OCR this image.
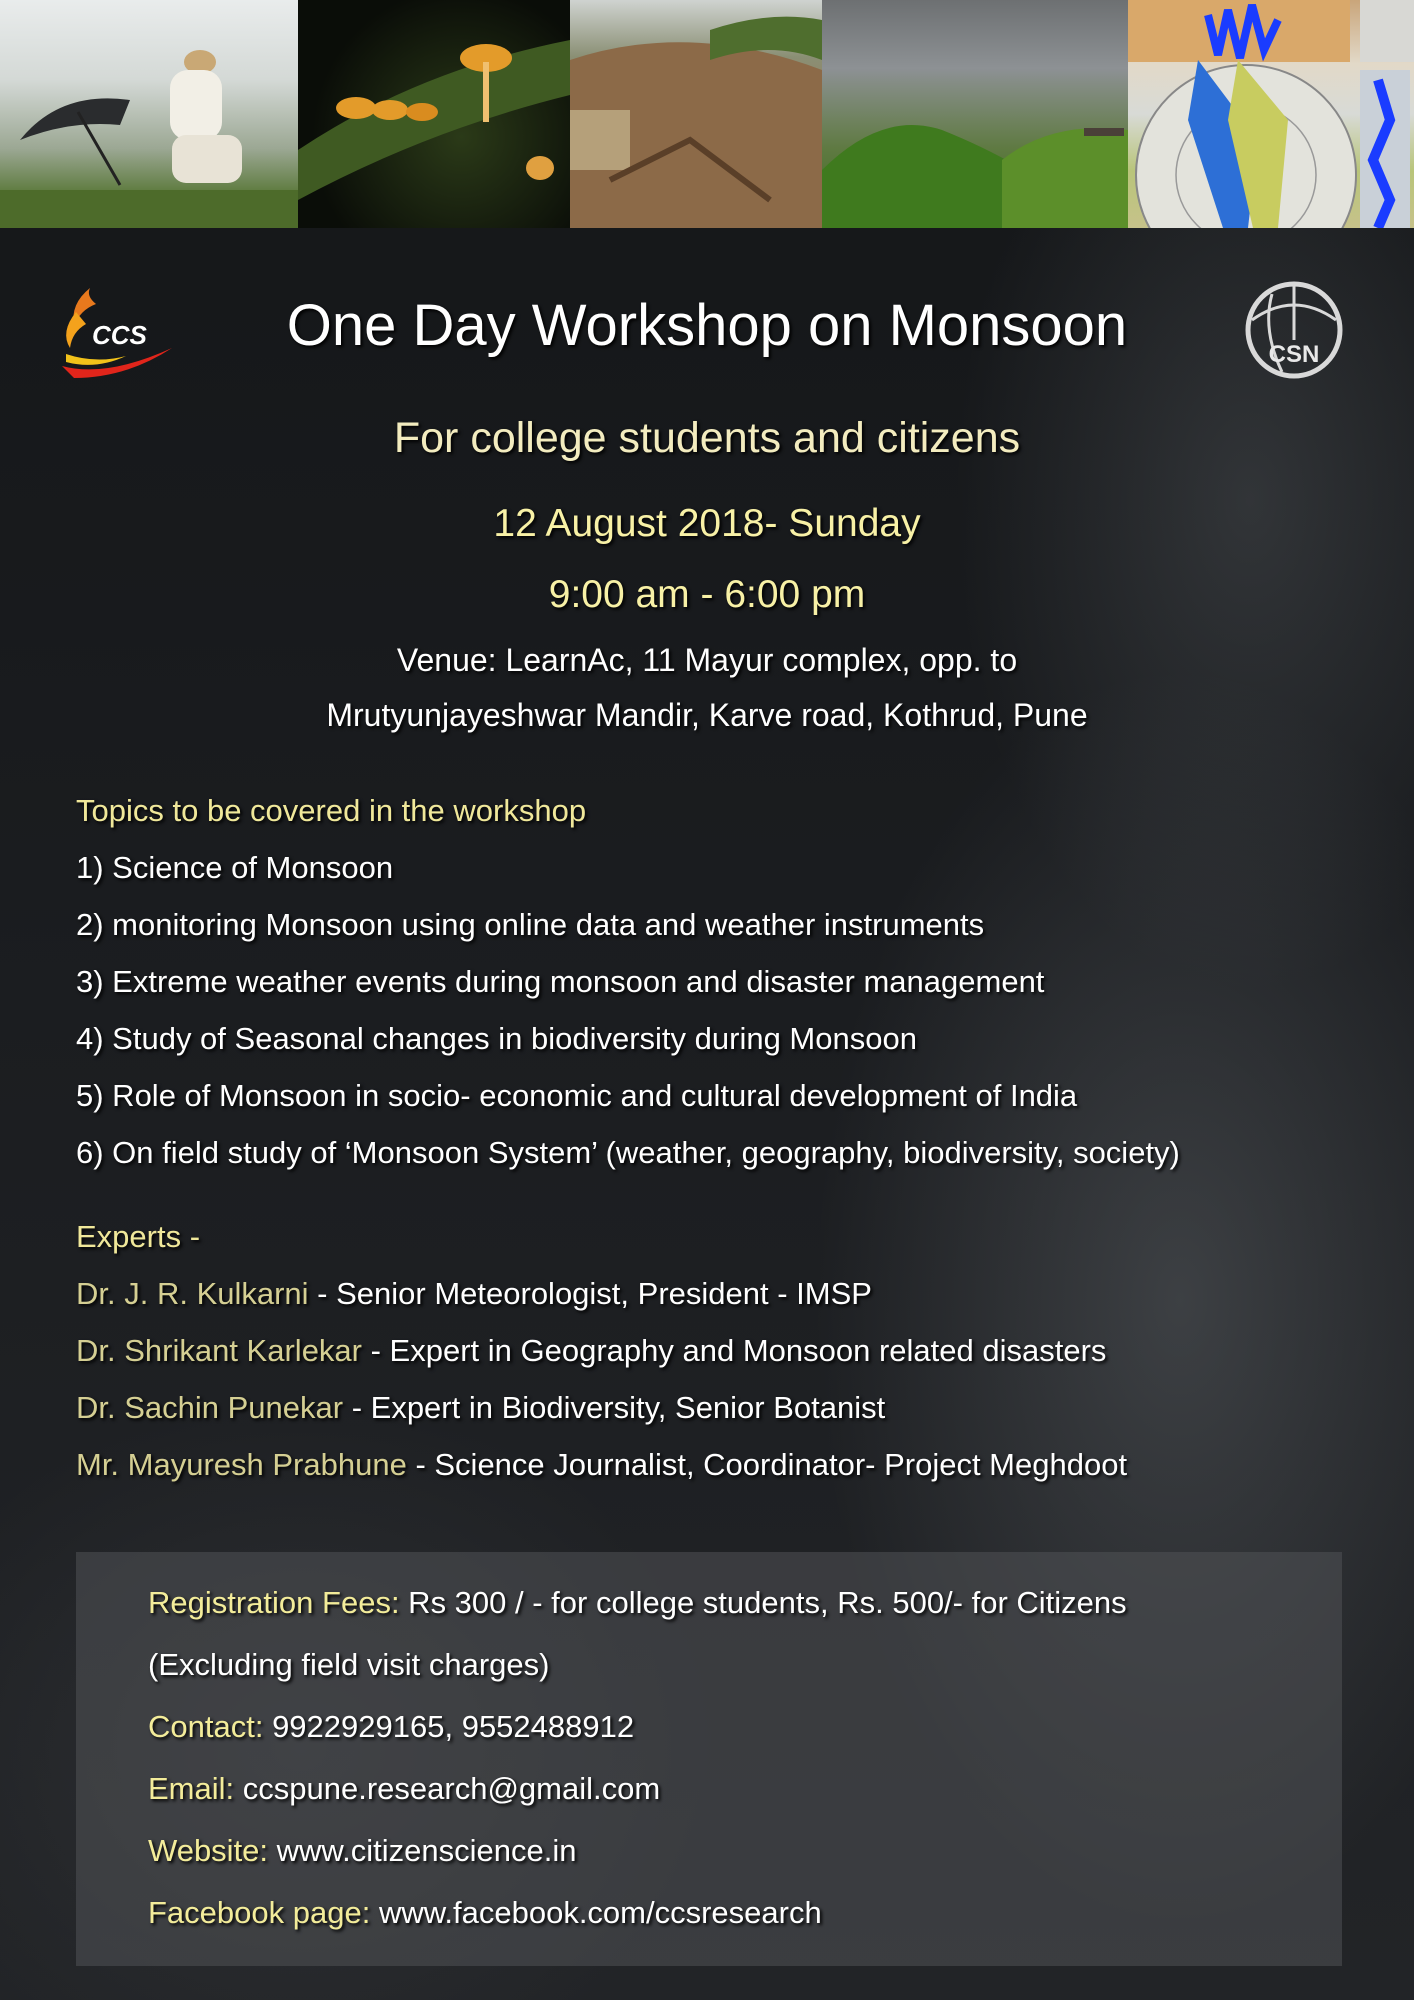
CCS
CSN
One Day Workshop on Monsoon
For college students and citizens
12 August 2018- Sunday
9:00 am - 6:00 pm
Venue: LearnAc, 11 Mayur complex, opp. to
Mrutyunjayeshwar Mandir, Karve road, Kothrud, Pune
Topics to be covered in the workshop
1) Science of Monsoon
2) monitoring Monsoon using online data and weather instruments
3) Extreme weather events during monsoon and disaster management
4) Study of Seasonal changes in biodiversity during Monsoon
5) Role of Monsoon in socio- economic and cultural development of India
6) On field study of ‘Monsoon System’ (weather, geography, biodiversity, society)
Experts -
Dr. J. R. Kulkarni - Senior Meteorologist, President - IMSP
Dr. Shrikant Karlekar - Expert in Geography and Monsoon related disasters
Dr. Sachin Punekar - Expert in Biodiversity, Senior Botanist
Mr. Mayuresh Prabhune - Science Journalist, Coordinator- Project Meghdoot
Registration Fees: Rs 300 / - for college students, Rs. 500/- for Citizens
(Excluding field visit charges)
Contact: 9922929165, 9552488912
Email: ccspune.research@gmail.com
Website: www.citizenscience.in
Facebook page: www.facebook.com/ccsresearch
